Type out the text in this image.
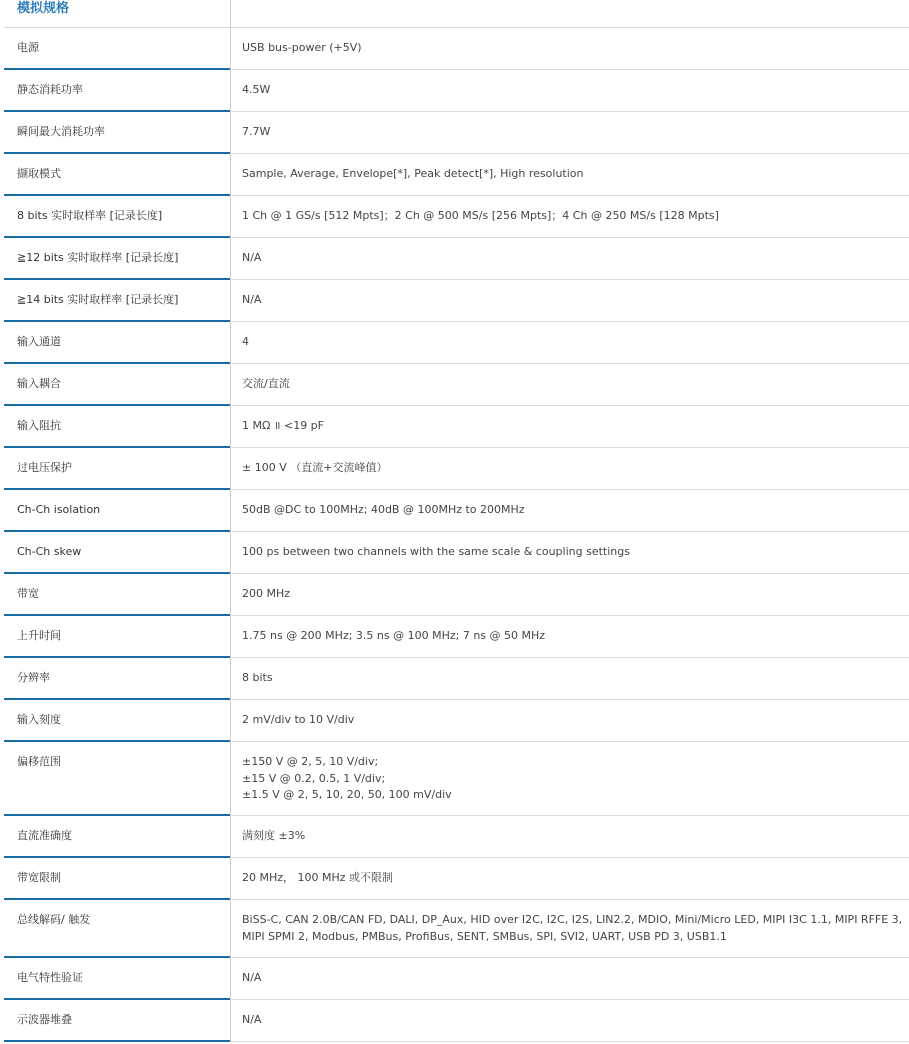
模拟规格
电源	USB bus-power (+5V)
静态消耗功率	4.5W
瞬间最大消耗功率	7.7W
撷取模式	Sample, Average, Envelope[*], Peak detect[*], High resolution
8 bits 实时取样率 [记录长度]	1 Ch @ 1 GS/s [512 Mpts]；2 Ch @ 500 MS/s [256 Mpts]；4 Ch @ 250 MS/s [128 Mpts]
≧12 bits 实时取样率 [记录长度]	N/A
≧14 bits 实时取样率 [记录长度]	N/A
输入通道	4
输入耦合	交流/直流
输入阻抗	1 MΩ ॥ <19 pF
过电压保护	± 100 V （直流+交流峰值）
Ch-Ch isolation	50dB @DC to 100MHz; 40dB @ 100MHz to 200MHz
Ch-Ch skew	100 ps between two channels with the same scale & coupling settings
带宽	200 MHz
上升时间	1.75 ns @ 200 MHz; 3.5 ns @ 100 MHz; 7 ns @ 50 MHz
分辨率	8 bits
输入刻度	2 mV/div to 10 V/div
偏移范围	±150 V @ 2, 5, 10 V/div;
±15 V @ 0.2, 0.5, 1 V/div;
±1.5 V @ 2, 5, 10, 20, 50, 100 mV/div
直流准确度	满刻度 ±3%
带宽限制	20 MHz， 100 MHz 或不限制
总线解码/ 触发	BiSS-C, CAN 2.0B/CAN FD, DALI, DP_Aux, HID over I2C, I2C, I2S, LIN2.2, MDIO, Mini/Micro LED, MIPI I3C 1.1, MIPI RFFE 3,
MIPI SPMI 2, Modbus, PMBus, ProfiBus, SENT, SMBus, SPI, SVI2, UART, USB PD 3, USB1.1
电气特性验证	N/A
示波器堆叠	N/A
